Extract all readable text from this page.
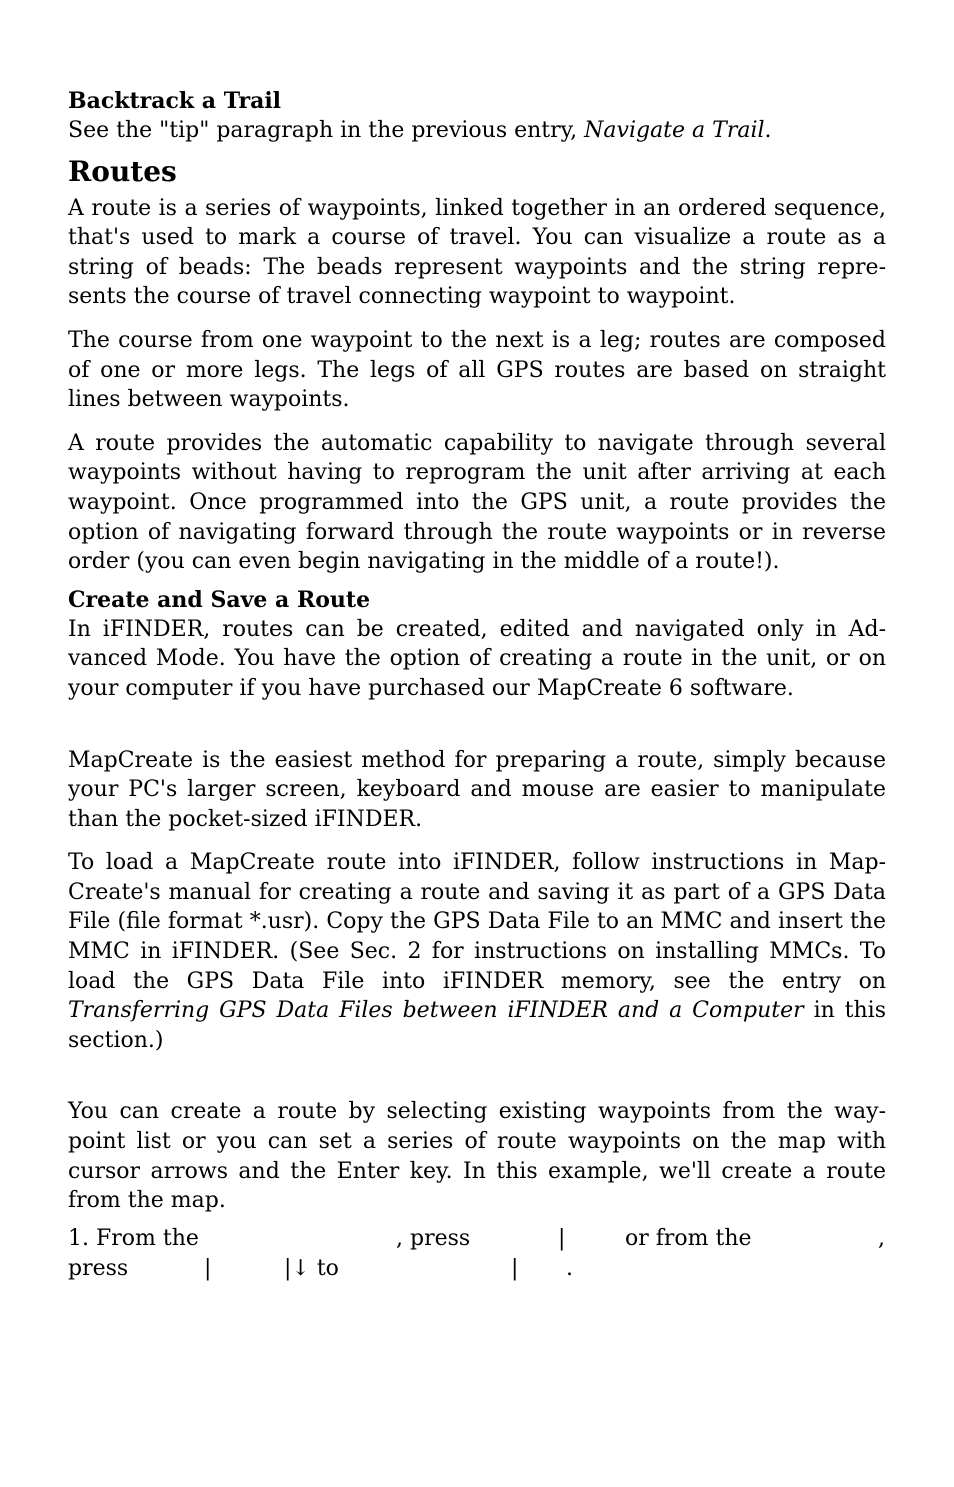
Backtrack a Trail

See the "tip" paragraph in the previous entry, Navigate a Trail.

Routes

A route is a series of waypoints, linked together in an ordered sequence, that's used to mark a course of travel. You can visualize a route as a string of beads: The beads represent waypoints and the string represents the course of travel connecting waypoint to waypoint.

The course from one waypoint to the next is a leg; routes are composed of one or more legs. The legs of all GPS routes are based on straight lines between waypoints.

A route provides the automatic capability to navigate through several waypoints without having to reprogram the unit after arriving at each waypoint. Once programmed into the GPS unit, a route provides the option of navigating forward through the route waypoints or in reverse order (you can even begin navigating in the middle of a route!).

Create and Save a Route

In iFINDER, routes can be created, edited and navigated only in Advanced Mode. You have the option of creating a route in the unit, or on your computer if you have purchased our MapCreate 6 software.

MapCreate is the easiest method for preparing a route, simply because your PC's larger screen, keyboard and mouse are easier to manipulate than the pocket-sized iFINDER.

To load a MapCreate route into iFINDER, follow instructions in MapCreate's manual for creating a route and saving it as part of a GPS Data File (file format *.usr). Copy the GPS Data File to an MMC and insert the MMC in iFINDER. (See Sec. 2 for instructions on installing MMCs. To load the GPS Data File into iFINDER memory, see the entry on Transferring GPS Data Files between iFINDER and a Computer in this section.)

You can create a route by selecting existing waypoints from the waypoint list or you can set a series of route waypoints on the map with cursor arrows and the Enter key. In this example, we'll create a route from the map.

1. From the	, press	|	or from the	,
press	|	|↓ to	| .
